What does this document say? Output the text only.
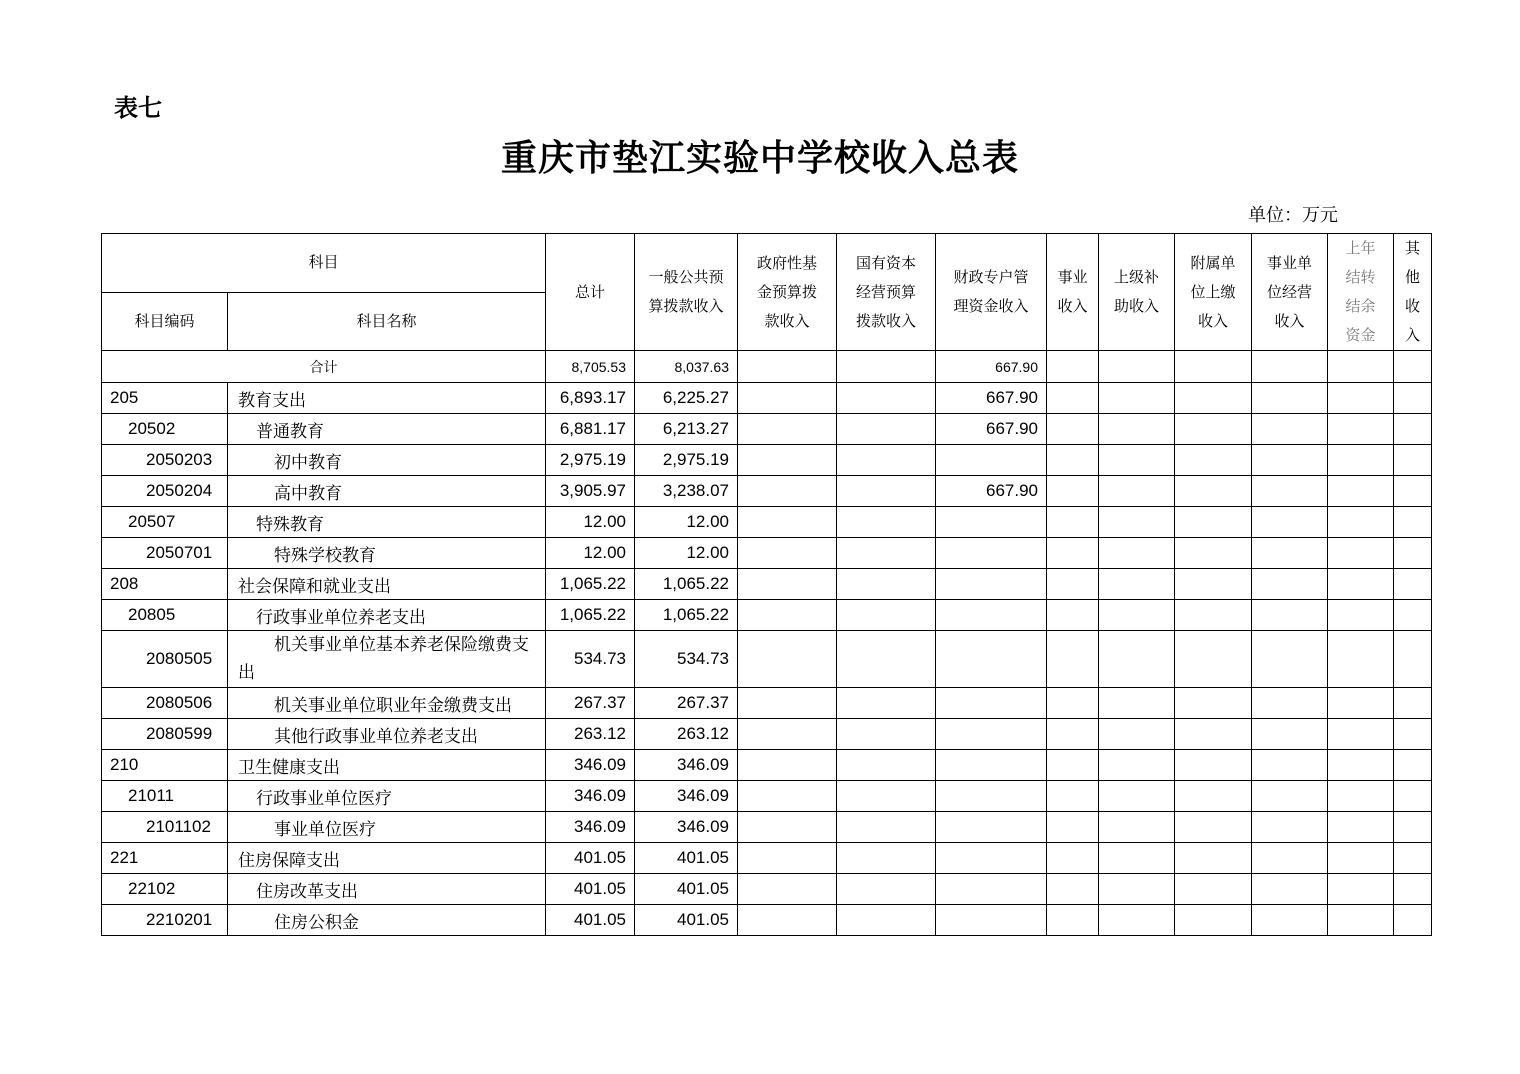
表七
重庆市垫江实验中学校收入总表
单位：万元
科目		总计	一般公共预算拨款收入	政府性基金预算拨款收入	国有资本经营预算拨款收入	财政专户管理资金收入	事业收入	上级补助收入	附属单位上缴收入	事业单位经营收入	上年结转结余资金	其他收入
科目编码	科目名称											
合计		8,705.53	8,037.63			667.90						
205	教育支出	6,893.17	6,225.27			667.90						
20502	普通教育	6,881.17	6,213.27			667.90						
2050203	初中教育	2,975.19	2,975.19									
2050204	高中教育	3,905.97	3,238.07			667.90						
20507	特殊教育	12.00	12.00									
2050701	特殊学校教育	12.00	12.00									
208	社会保障和就业支出	1,065.22	1,065.22									
20805	行政事业单位养老支出	1,065.22	1,065.22									
2080505	机关事业单位基本养老保险缴费支出	534.73	534.73									
2080506	机关事业单位职业年金缴费支出	267.37	267.37									
2080599	其他行政事业单位养老支出	263.12	263.12									
210	卫生健康支出	346.09	346.09									
21011	行政事业单位医疗	346.09	346.09									
2101102	事业单位医疗	346.09	346.09									
221	住房保障支出	401.05	401.05									
22102	住房改革支出	401.05	401.05									
2210201	住房公积金	401.05	401.05									
